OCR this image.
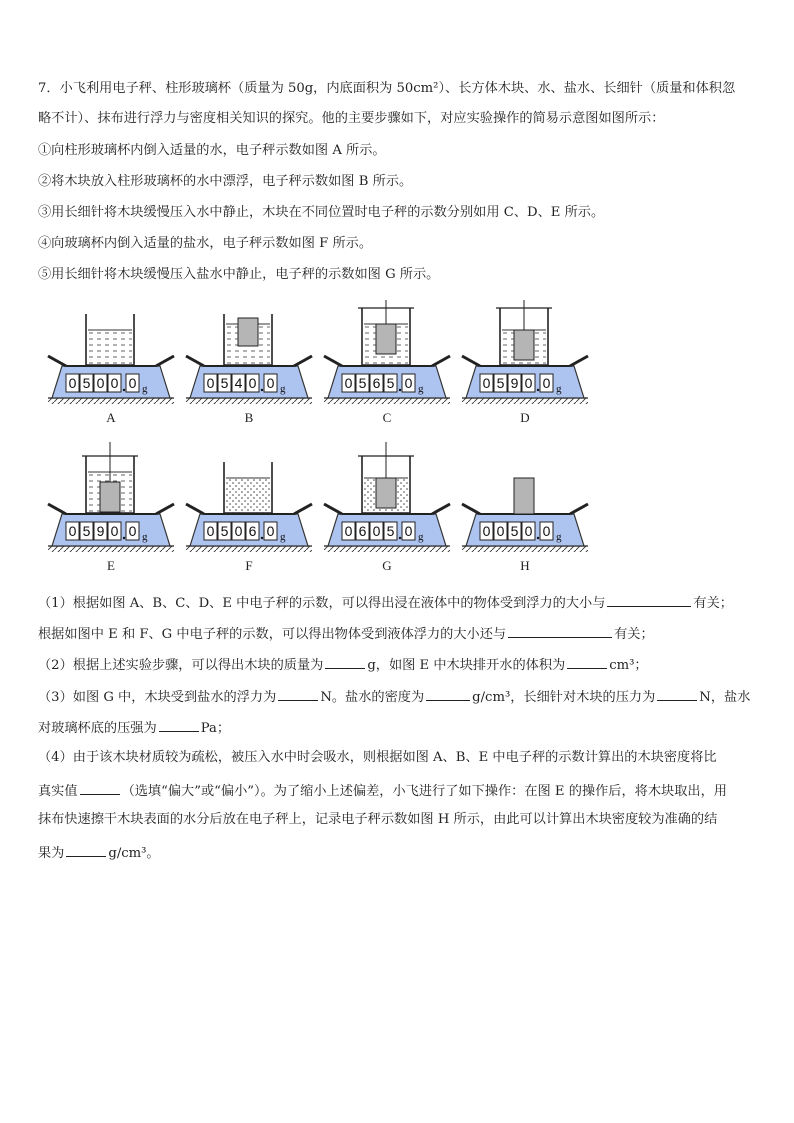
7．小飞利用电子秤、柱形玻璃杯（质量为 50g，内底面积为 50cm²）、长方体木块、水、盐水、长细针（质量和体积忽
略不计）、抹布进行浮力与密度相关知识的探究。他的主要步骤如下，对应实验操作的简易示意图如图所示：
①向柱形玻璃杯内倒入适量的水，电子秤示数如图 A 所示。
②将木块放入柱形玻璃杯的水中漂浮，电子秤示数如图 B 所示。
③用长细针将木块缓慢压入水中静止，木块在不同位置时电子秤的示数分别如用 C、D、E 所示。
④向玻璃杯内倒入适量的盐水，电子秤示数如图 F 所示。
⑤用长细针将木块缓慢压入盐水中静止，电子秤的示数如图 G 所示。
0 5 0 0 0 g
A
0 5 4 0 0 g
B
0 5 6 5 0 g
C
0 5 9 0 0 g
D
0 5 9 0 0 g
E
0 5 0 6 0 g
F
0 6 0 5 0 g
G
0 0 5 0 0 g
H
（1）根据如图 A、B、C、D、E 中电子秤的示数，可以得出浸在液体中的物体受到浮力的大小与	有关；
根据如图中 E 和 F、G 中电子秤的示数，可以得出物体受到液体浮力的大小还与	有关；
（2）根据上述实验步骤，可以得出木块的质量为	g，如图 E 中木块排开水的体积为	cm³；
（3）如图 G 中，木块受到盐水的浮力为	N。盐水的密度为	g/cm³，长细针对木块的压力为	N，盐水
对玻璃杯底的压强为	Pa；
（4）由于该木块材质较为疏松，被压入水中时会吸水，则根据如图 A、B、E 中电子秤的示数计算出的木块密度将比
真实值	（选填“偏大”或“偏小”）。为了缩小上述偏差，小飞进行了如下操作：在图 E 的操作后，将木块取出，用
抹布快速擦干木块表面的水分后放在电子秤上，记录电子秤示数如图 H 所示，由此可以计算出木块密度较为准确的结
果为	g/cm³。
